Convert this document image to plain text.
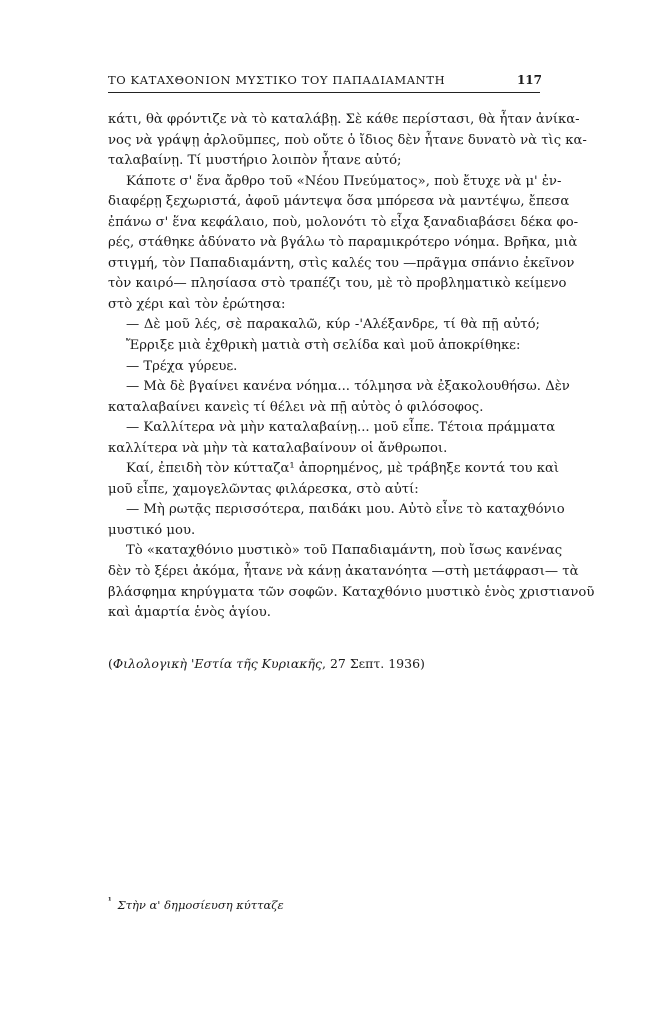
ΤΟ ΚΑΤΑΧΘΟΝΙΟΝ ΜΥΣΤΙΚΟ ΤΟΥ ΠΑΠΑΔΙΑΜΑΝΤΗ	117
κάτι, θὰ φρόντιζε νὰ τὸ καταλάβῃ. Σὲ κάθε περίστασι, θὰ ἦταν ἀνίκα-
νος νὰ γράψῃ ἀρλοῦμπες, ποὺ οὔτε ὁ ἴδιος δὲν ἦτανε δυνατὸ νὰ τὶς κα-
ταλαβαίνῃ. Τί μυστήριο λοιπὸν ἦτανε αὐτό;
Κάποτε σ' ἕνα ἄρθρο τοῦ «Νέου Πνεύματος», ποὺ ἔτυχε νὰ μ' ἐν-
διαφέρῃ ξεχωριστά, ἀφοῦ μάντεψα ὅσα μπόρεσα νὰ μαντέψω, ἔπεσα
ἐπάνω σ' ἕνα κεφάλαιο, ποὺ, μολονότι τὸ εἶχα ξαναδιαβάσει δέκα φο-
ρές, στάθηκε ἀδύνατο νὰ βγάλω τὸ παραμικρότερο νόημα. Βρῆκα, μιὰ
στιγμή, τὸν Παπαδιαμάντη, στὶς καλές του —πρᾶγμα σπάνιο ἐκεῖνον
τὸν καιρό— πλησίασα στὸ τραπέζι του, μὲ τὸ προβληματικὸ κείμενο
στὸ χέρι καὶ τὸν ἐρώτησα:
— Δὲ μοῦ λές, σὲ παρακαλῶ, κύρ -'Αλέξανδρε, τί θὰ πῇ αὐτό;
Ἔρριξε μιὰ ἐχθρικὴ ματιὰ στὴ σελίδα καὶ μοῦ ἀποκρίθηκε:
— Τρέχα γύρευε.
— Μὰ δὲ βγαίνει κανένα νόημα... τόλμησα νὰ ἐξακολουθήσω. Δὲν
καταλαβαίνει κανεὶς τί θέλει νὰ πῇ αὐτὸς ὁ φιλόσοφος.
— Καλλίτερα νὰ μὴν καταλαβαίνῃ... μοῦ εἶπε. Τέτοια πράμματα
καλλίτερα νὰ μὴν τὰ καταλαβαίνουν οἱ ἄνθρωποι.
Καί, ἐπειδὴ τὸν κύτταζα¹ ἀπορημένος, μὲ τράβηξε κοντά του καὶ
μοῦ εἶπε, χαμογελῶντας φιλάρεσκα, στὸ αὐτί:
— Μὴ ρωτᾷς περισσότερα, παιδάκι μου. Αὐτὸ εἶνε τὸ καταχθόνιο
μυστικό μου.
Τὸ «καταχθόνιο μυστικὸ» τοῦ Παπαδιαμάντη, ποὺ ἴσως κανένας
δὲν τὸ ξέρει ἀκόμα, ἦτανε νὰ κάνῃ ἀκατανόητα —στὴ μετάφρασι— τὰ
βλάσφημα κηρύγματα τῶν σοφῶν. Καταχθόνιο μυστικὸ ἑνὸς χριστιανοῦ
καὶ ἁμαρτία ἑνὸς ἁγίου.
(Φιλολογικὴ 'Εστία τῆς Κυριακῆς, 27 Σεπτ. 1936)
$^{^1}$ Στὴν α' δημοσίευση κύτταζε
